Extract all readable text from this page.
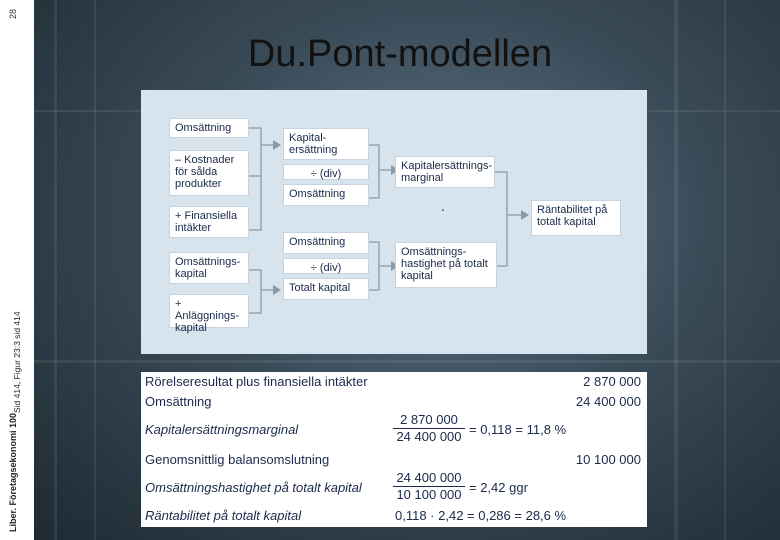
28
Liber. Företagsekonomi 100
Sid 414, Figur 23:3 sid 414
Du.Pont-modellen
Omsättning
– Kostnader för sålda produkter
+ Finansiella intäkter
Omsättnings-kapital
+ Anläggnings-kapital
Kapital-ersättning
÷ (div)
Omsättning
Omsättning
÷ (div)
Totalt kapital
Kapitalersättnings-marginal
·
Omsättnings-hastighet på totalt kapital
Räntabilitet på totalt kapital
Rörelseresultat plus finansiella intäkter	2 870 000
Omsättning	24 400 000
Kapitalersättningsmarginal	$\frac{2 870 000}{24 400 000} = 0,118 = 11,8$ %
Genomsnittlig balansomslutning	10 100 000
Omsättningshastighet på totalt kapital $\frac{24 400 000}{10 100 000} = 2,42$ ggr
Räntabilitet på totalt kapital	0,118 · 2,42 = 0,286 = 28,6 %
